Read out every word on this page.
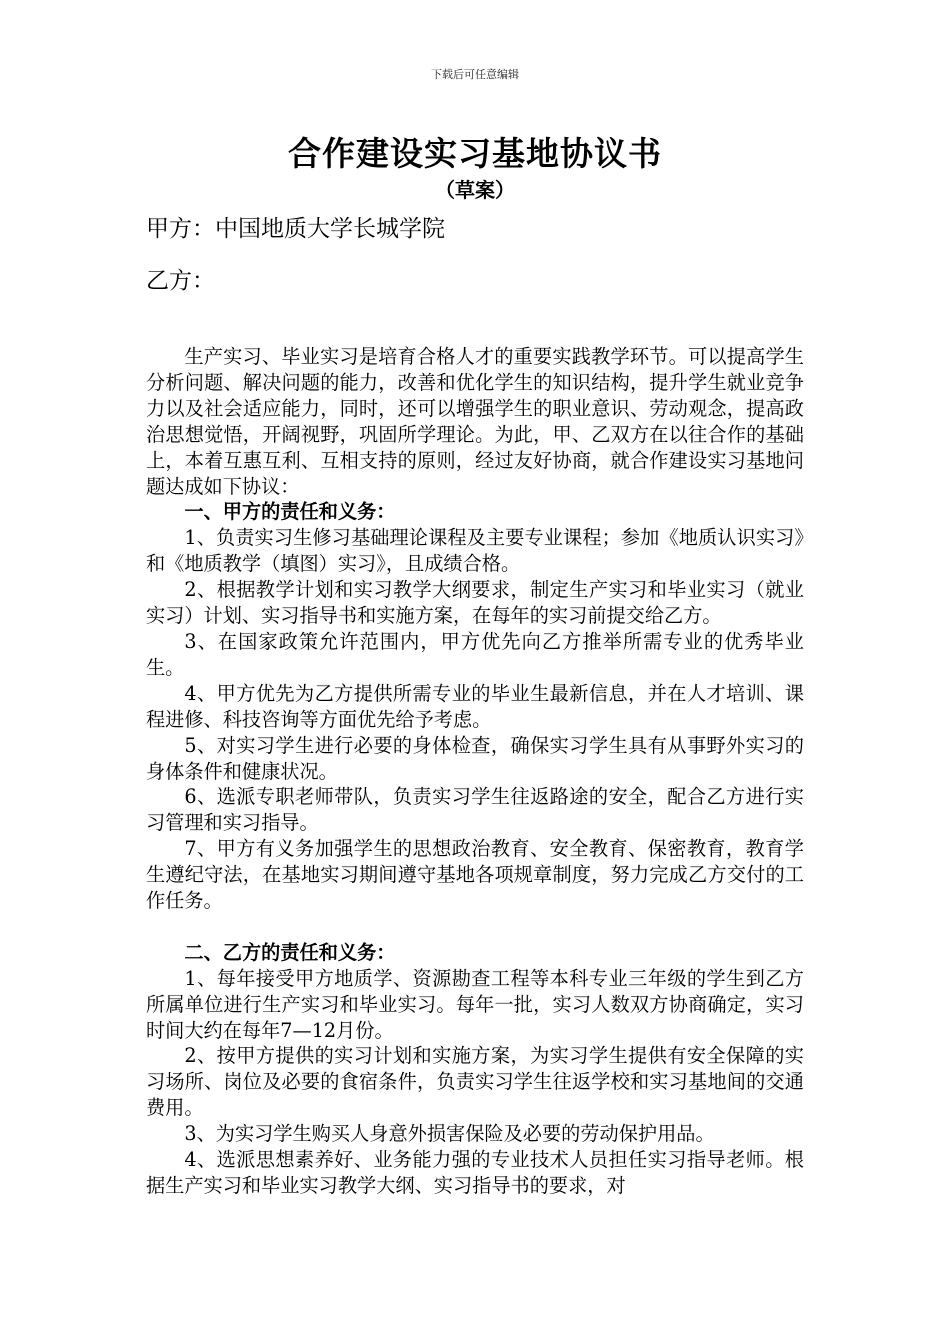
下载后可任意编辑
合作建设实习基地协议书
（草案）
甲方：中国地质大学长城学院
乙方：

生产实习、毕业实习是培育合格人才的重要实践教学环节。可以提高学生分析问题、解决问题的能力，改善和优化学生的知识结构，提升学生就业竞争力以及社会适应能力，同时，还可以增强学生的职业意识、劳动观念，提高政治思想觉悟，开阔视野，巩固所学理论。为此，甲、乙双方在以往合作的基础上，本着互惠互利、互相支持的原则，经过友好协商，就合作建设实习基地问题达成如下协议：

一、甲方的责任和义务：

1、负责实习生修习基础理论课程及主要专业课程；参加《地质认识实习》和《地质教学（填图）实习》，且成绩合格。

2、根据教学计划和实习教学大纲要求，制定生产实习和毕业实习（就业实习）计划、实习指导书和实施方案，在每年的实习前提交给乙方。

3、在国家政策允许范围内，甲方优先向乙方推举所需专业的优秀毕业生。

4、甲方优先为乙方提供所需专业的毕业生最新信息，并在人才培训、课程进修、科技咨询等方面优先给予考虑。

5、对实习学生进行必要的身体检查，确保实习学生具有从事野外实习的身体条件和健康状况。

6、选派专职老师带队，负责实习学生往返路途的安全，配合乙方进行实习管理和实习指导。

7、甲方有义务加强学生的思想政治教育、安全教育、保密教育，教育学生遵纪守法，在基地实习期间遵守基地各项规章制度，努力完成乙方交付的工作任务。

二、乙方的责任和义务：

1、每年接受甲方地质学、资源勘查工程等本科专业三年级的学生到乙方所属单位进行生产实习和毕业实习。每年一批，实习人数双方协商确定，实习时间大约在每年7—12月份。

2、按甲方提供的实习计划和实施方案，为实习学生提供有安全保障的实习场所、岗位及必要的食宿条件，负责实习学生往返学校和实习基地间的交通费用。

3、为实习学生购买人身意外损害保险及必要的劳动保护用品。

4、选派思想素养好、业务能力强的专业技术人员担任实习指导老师。根据生产实习和毕业实习教学大纲、实习指导书的要求，对
